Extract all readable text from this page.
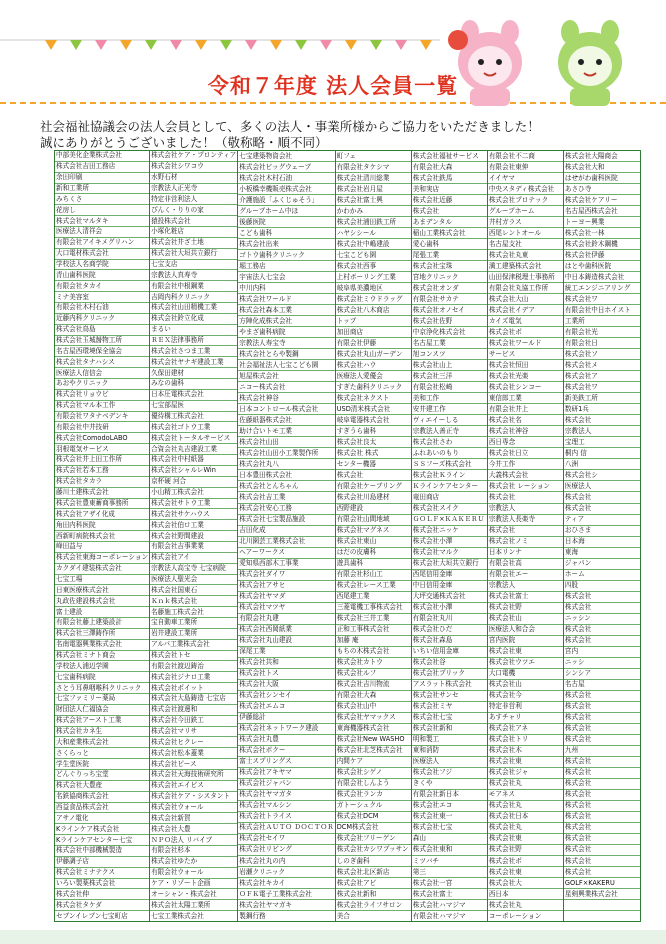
令和７年度 法人会員一覧
社会福祉協議会の法人会員として、多くの法人・事業所様からご協力をいただきました！
誠にありがとうございました！（敬称略・順不同）
中部美化企業株式会社
株式会社吉田工務店
余田印刷
新和工業所
みちくさ
花房し
株式会社マルタキ
医療法人清祥会
有限会社アイキメグリハン
大口電材株式会社
学校法人名商学院
青山歯科医院
有限会社タカイ
ミナ美容室
有限会社木村石油
近藤内科クリニック
株式会社鳥島
株式会社玉城醤物工所
名古屋西環境保全協会
株式会社タナハシス
医療法人信信会
あおやクリニック
株式会社リョウビ
株式会社マル本工作
有限会社ワタナベデンキ
有限会社中井技研
株式会社ComodoLABO
羽根電気サービス
株式会社井上田工作所
株式会社若本工務
株式会社タカラ
藤川土建株式会社
株式会社豊東蓄商事務所
株式会社アザイ化成
角田内科医院
西新町病院株式会社
峰田益与
株式会社東海コーポレーション
カクダイ建装株式会社
七宝工場
日東医療株式会社
丸政佐建設株式会社
富士建設
有限会社藤上建築設計
株式会社三澤鋳作所
名南電器興業株式会社
株式会社ミナト商会
学校法人浦辺学園
七宝歯科病院
さとう耳鼻咽喉科クリニック
七宝ファミリー薬局
財団法人仁福協会
株式会社アースト工業
株式会社カネ生
大和産業株式会社
さくらっと
学生堂医院
どんぐりっち宝堂
株式会社大豊産
名鉄協商株式会社
西益食品株式会社
アサノ電化
Kラインケア株式会社
Kラインケアセンター七宝
株式会社中部機械製造
伊藤調子店
株式会社ミナテクス
いろい製薬株式会社
株式会社伸
株式会社タケダ
セブンイレブン七宝町店
株式会社ケア・プロンティア
株式会社シワコウ
水野石材
宗教法人正光寺
特定非営利法人
ぴんく・りりの家
猿投株式会社
小塚化粧店
株式会社井ざ土地
株式会社大垣共立銀行
七宝支店
宗教法人真寿寺
有限会社中根鋼業
吉岡内科クリニック
株式会社山田精機工業
株式会社鈴立化成
まるい
ＲＥＸ法律事務所
株式会社さつま工業
株式会社ヤナギ建設工業
久保田建材
みなの歯科
日本圧電株式会社
七宝部屋医
優待構工株式会社
株式会社ゴトウ工業
株式会社トータルサービス
合資会社丸吉建設工業
株式会社中村紙器
株式会社シャルレWin
京杯硬 河合
小山精工株式会社
株式会社サトウ工業
株式会社サケハウス
株式会社伯ロ工業
株式会社野間建設
有限会社吉事業業
株式会社アイ
宗教法人高宝寺 七宝病院
医療法人聖光会
株式会社国東石
Ｋｎｋ株式会社
名藤施工株式会社
宝自動車工業所
岩井建設工業所
アルパ工業株式会社
株式会社トセ
有限会社渡辺鋳治
株式会社ジナロ工業
株式会社ポイット
株式会社大島鋳造 七宝店
株式会社渡邊和
株式会社今田鉄工
株式会社マリサ
株式会社ヒクレー
株式会社松本蓋業
株式会社ピース
株式会社天海技術研究所
株式会社エイビス
株式会社ケア・シスタント
株式会社ウォール
株式会社新賀
株式会社大豊
ＮＰＯ法人 リバイブ
有限会社杉本
株式会社ゆたか
有限会社ウォール
ケア・リゾート企画
オーシャン・株式会社
株式会社太陽工業所
七宝工業株式会社
七宝建築物資会社
株式会社ビッグウェーブ
株式会社木村石油
小板橋幸機販売株式会社
介護施設「ふくじゅそう」
グループホーム中ほ
後藤医院
こども歯科
株式会社出来
ゴトウ歯科クリニック
堀工務店
宇宙法人七宝会
中川内科
株式会社ワールド
株式会社森本工業
方陣化成株式会社
やまざ歯科病院
宗教法人寿宝寺
株式会社とらや製鋼
社会福祉法人七宝こども園
旭屋株式会社
ニコー株式会社
株式会社神谷
日本コントロール株式会社
佐藤紙器株式会社
助け合いトモ工業
株式会社山田
株式会社山田小工業製作所
株式会社丸八
日本豊田株式会社
株式会社とんちゃん
株式会社吉工業
株式会社安心工務
株式会社七宝製品施設
吉田化成
北川園芸工業株式会社
ヘアーワークス
愛知県西部木工事業
株式会社ダイワ
株式会社アサヒ
株式会社ヤマダ
株式会社マツヤ
有限会社丸建
株式会社西岡紙業
株式会社丸山建設
深尾工業
株式会社共和
株式会社トス
株式会社大阪
株式会社シンセイ
株式会社エムコ
伊藤総計
株式会社ネットワーク建設
株式会社丸豊
株式会社ボクー
富士スプリングス
株式会社アキヤマ
株式会社ジャパン
株式会社ヤマガタ
株式会社マルシン
株式会社トライス
株式会社ＡＵＴＯ ＤＯＣＴＯＲ
株式会社セイワ
株式会社リビング
株式会社丸の内
岩瀬クリニック
株式会社キカイ
ＯＦＫ電子工業株式会社
株式会社ヤマガキ
製鋼行務
町フェ
有限会社タケシマ
株式会社清川総業
株式会社岩月屋
株式会社富士興
かわかみ
株式会社浦田鉄工所
ハヤシシール
株式会社中嶋建設
七宝こども園
株式会社西事
上村ボーリング工業
岐阜県美濃地区
株式会社ミウドラッグ
株式会社八木商店
トップ
加田商店
有限会社伊藤
株式会社丸山ガーデン
株式会社ハウ
医療法人愛優会
すぎた歯科クリニック
株式会社ネクスト
USD清米株式会社
岐阜電器株式会社
すぎうら歯科
株式会社良太
株式会社 株式
センター機器
株式会社
有限会社ケーブリング
株式会社川島建材
西野建設
有限会社山間地域
株式会社マグネス
株式会社東山
はだの皮膚科
遊具歯科
有限会社杉山工
株式会社レース工業
西尾建工業
三菱電機工事株式会社
株式会社三井工業
正和工事株式会社
加藤 庵
もちの木株式会社
株式会社カトウ
株式会社ルフ
株式会社吉川物流
有限会社大森
株式会社山中
株式会社ヤマックス
東海機器株式会社
株式会社New WASHO
株式会社北芝株式会社
内間ケア
株式会社シゲノ
有限会社しんよう
株式会社ランカ
ガトーシュクル
株式会社DCM
DCM株式会社
株式会社フリーゲン
株式会社カシワプッサン
しのぎ歯科
株式会社北区新店
株式会社アビ
株式会社新和
株式会社ライフサロン
美合
株式会社福祉サービス
有限会社大森
株式会社鉄馬
美和実店
株式会社近藤
株式会社
あまデンタル
稲山工業株式会社
愛心歯科
尾張工業
株式会社宝珠
宮地クリニック
株式会社オンダ
有限会社サカテ
株式会社オノセイ
株式会社佐野
中京浄化株式会社
名古屋工業
旭コンスツ
株式会社山上
株式会社三洋
有限会社松崎
美和工作
安井建工作
ヴィエイーしる
宗教法人善正寺
株式会社さわ
ふれあいのもり
ＳＳフーズ株式会社
株式会社Ｋライン
Ｋラインケアセンター
竜田商店
株式会社スイク
ＧＯＬＦ×ＫＡＫＥＲＵ
株式会社ニッケ
株式会社小澤
株式会社マルク
株式会社大垣共立銀行
西尾信用金庫
中日信用金庫
大坪交通株式会社
株式会社小澤
有限会社丸川
株式会社ひだ
株式会社森島
いちい信用金庫
株式会社谷
株式会社プリック
アスラット株式会社
株式会社サンセ
株式会社ミヤ
株式会社七宝
株式会社新和
明和製工
東和消防
医療法人
株式会社フジ
きくや
有限会社新日本
株式会社エコ
株式会社東一
株式会社七宝
森山
株式会社東和
ミツバチ
第三
株式会社一宮
株式会社富士
株式会社ハマジマ
有限会社ハマジマ
有限会社不二商
有限会社東伸
イイヤマ
中央スタディ株式会社
株式会社プロテック
グループホーム
井村ガラス
西尾レントオール
名古屋支社
株式会社丸東
満工建築株式会社
山田保津税理士事務所
有限会社丸協工作所
株式会社大山
株式会社イデア
カイズ電気
株式会社ポ
株式会社ワールド
サービス
株式会社恒田
株式会社光楽
株式会社シンコー
東信郎工業
有限会社井上
株式会社名
株式会社神谷
西日専念
株式会社日立
今井工作
大義株式会社
株式会社 レーション
株式会社
宗教法人
宗教法人長楽寺
株式会社
株式会社ノミ
日本リンナ
有限会社高
有限会社エー
宗教法人
株式会社富士
株式会社野
株式会社山
医療法人和合会
宮内医院
株式会社東
株式会社ウツエ
大口電機
株式会社山
株式会社今
特定非営利
あすチャリ
株式会社アネ
株式会社トリ
株式会社木
株式会社東
株式会社ジャ
株式会社丸
モアネス
株式会社丸
株式会社日本
株式会社丸
株式会社東
株式会社野
株式会社ポ
株式会社東
株式会社大
西日本
株式会社丸
コーポレーション
株式会社大陽商会
株式会社大和
はせがわ歯科医院
あさひ寺
株式会社ケアリー
名古屋西株式会社
トーヨー興業
株式会社一林
株式会社鈴木鋼機
株式会社伊藤
はとや歯科医院
中日本鋳造株式会社
統工エンジニアリング
株式会社ワ
有限会社中日ホイスト
工業所
有限会社光
有限会社日
株式会社ソ
株式会社メ
株式会社ア
株式会社ワ
新美鉄工所
数研1兵
株式会社
宗教法人
宝理工
桐内 信
八洲
株式会社シ
医療法人
株式会社
株式会社
ティア
おひさま
日本海
東海
ジャパン
ホーム
四股
株式会社
株式会社
ニッシン
株式会社
株式会社
宮内
ニッシ
シンシア
名古屋
株式会社
株式会社
株式会社
株式会社
株式会社
九州
株式会社
株式会社
株式会社
株式会社
株式会社
株式会社
株式会社
株式会社
株式会社
株式会社
株式会社
GOLF×KAKERU
星剣興業株式会社
